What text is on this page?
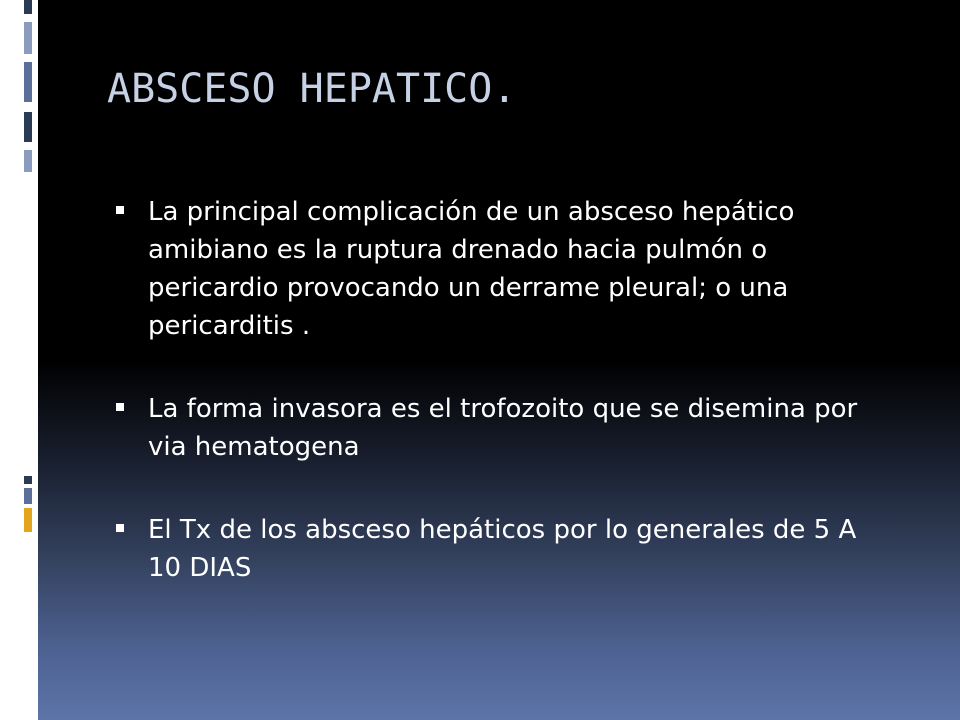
ABSCESO HEPATICO.
La principal complicación de un absceso hepático amibiano es la ruptura drenado hacia pulmón o pericardio provocando un derrame pleural; o una pericarditis .
La forma invasora es el trofozoito que se disemina por via hematogena
El Tx de los absceso hepáticos por lo generales de 5 A 10 DIAS
